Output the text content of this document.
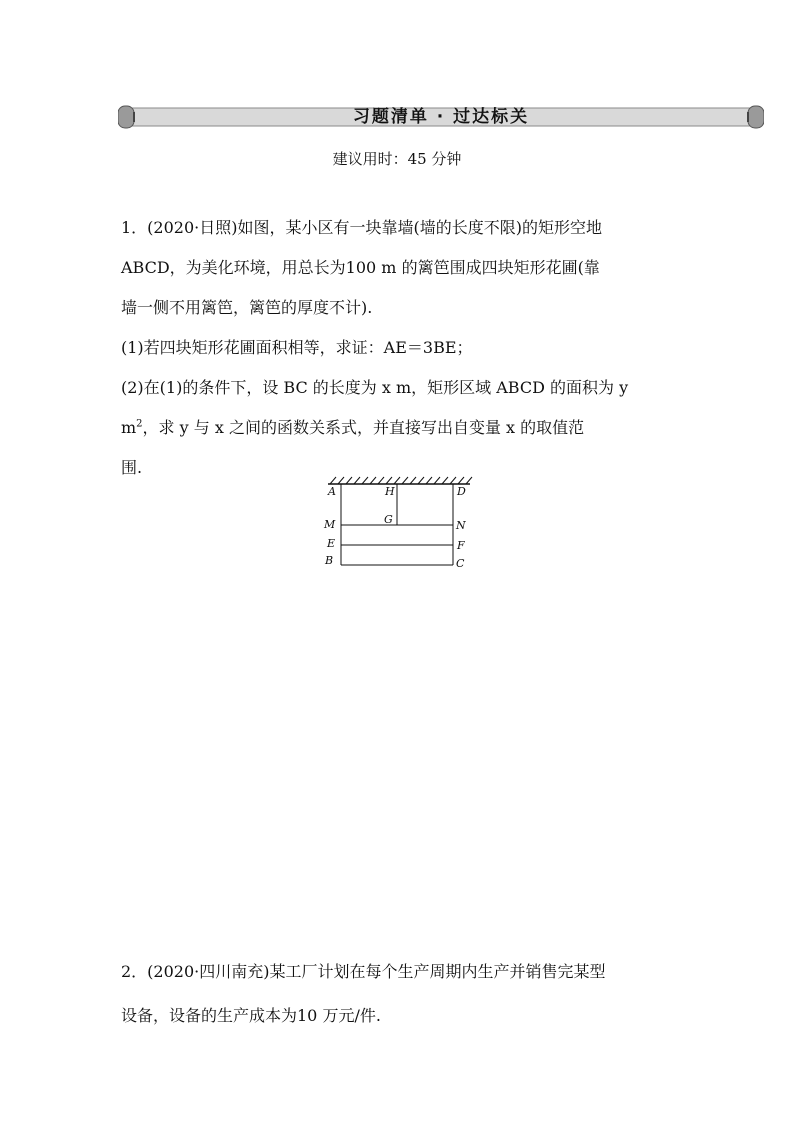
习题清单 · 过达标关
建议用时：45 分钟

1．(2020·日照)如图，某小区有一块靠墙(墙的长度不限)的矩形空地

ABCD，为美化环境，用总长为100 m 的篱笆围成四块矩形花圃(靠

墙一侧不用篱笆，篱笆的厚度不计).

(1)若四块矩形花圃面积相等，求证：AE＝3BE；

(2)在(1)的条件下，设 BC 的长度为 x m，矩形区域 ABCD 的面积为 y

$m^2$，求 y 与 x 之间的函数关系式，并直接写出自变量 x 的取值范

围.

A	H	D
G
M	N
E	F
B	C

2．(2020·四川南充)某工厂计划在每个生产周期内生产并销售完某型

设备，设备的生产成本为10 万元/件.
